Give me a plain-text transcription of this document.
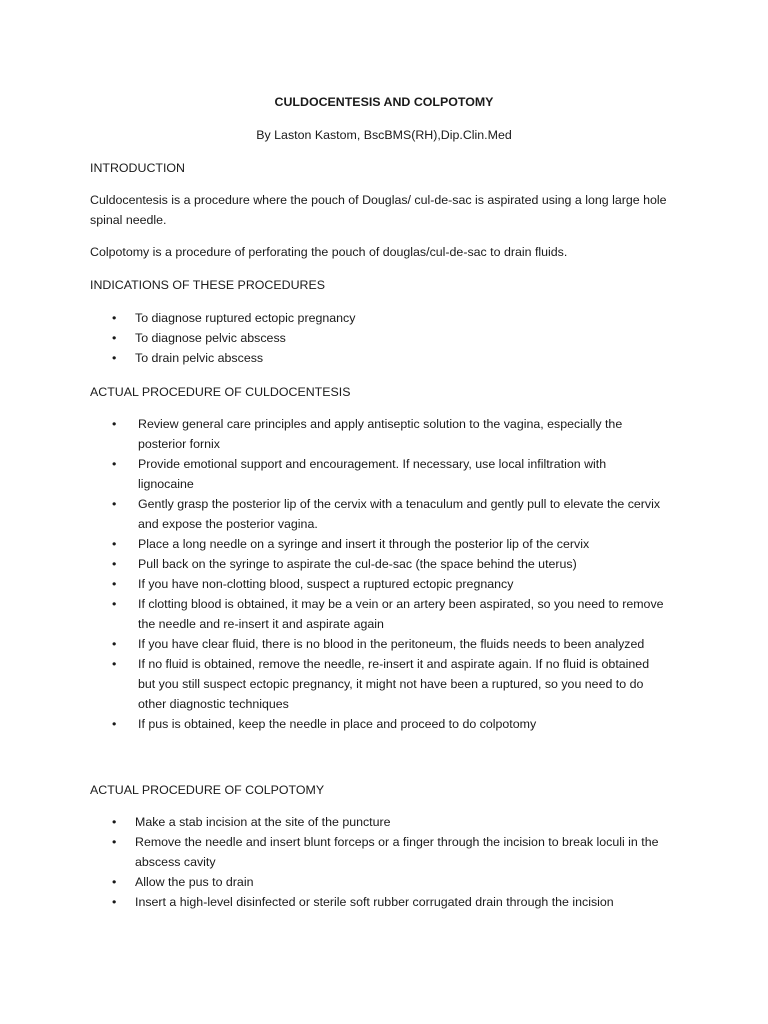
CULDOCENTESIS AND COLPOTOMY
By Laston Kastom, BscBMS(RH),Dip.Clin.Med
INTRODUCTION
Culdocentesis is a procedure where the pouch of Douglas/ cul-de-sac is aspirated using a long large hole
spinal needle.
Colpotomy is a procedure of perforating the pouch of douglas/cul-de-sac to drain fluids.
INDICATIONS OF THESE PROCEDURES
• To diagnose ruptured ectopic pregnancy
• To diagnose pelvic abscess
• To drain pelvic abscess
ACTUAL PROCEDURE OF CULDOCENTESIS
• Review general care principles and apply antiseptic solution to the vagina, especially the
posterior fornix
• Provide emotional support and encouragement. If necessary, use local infiltration with
lignocaine
• Gently grasp the posterior lip of the cervix with a tenaculum and gently pull to elevate the cervix
and expose the posterior vagina.
• Place a long needle on a syringe and insert it through the posterior lip of the cervix
• Pull back on the syringe to aspirate the cul-de-sac (the space behind the uterus)
• If you have non-clotting blood, suspect a ruptured ectopic pregnancy
• If clotting blood is obtained, it may be a vein or an artery been aspirated, so you need to remove
the needle and re-insert it and aspirate again
• If you have clear fluid, there is no blood in the peritoneum, the fluids needs to been analyzed
• If no fluid is obtained, remove the needle, re-insert it and aspirate again. If no fluid is obtained
but you still suspect ectopic pregnancy, it might not have been a ruptured, so you need to do
other diagnostic techniques
• If pus is obtained, keep the needle in place and proceed to do colpotomy
ACTUAL PROCEDURE OF COLPOTOMY
• Make a stab incision at the site of the puncture
• Remove the needle and insert blunt forceps or a finger through the incision to break loculi in the
abscess cavity
• Allow the pus to drain
• Insert a high-level disinfected or sterile soft rubber corrugated drain through the incision
